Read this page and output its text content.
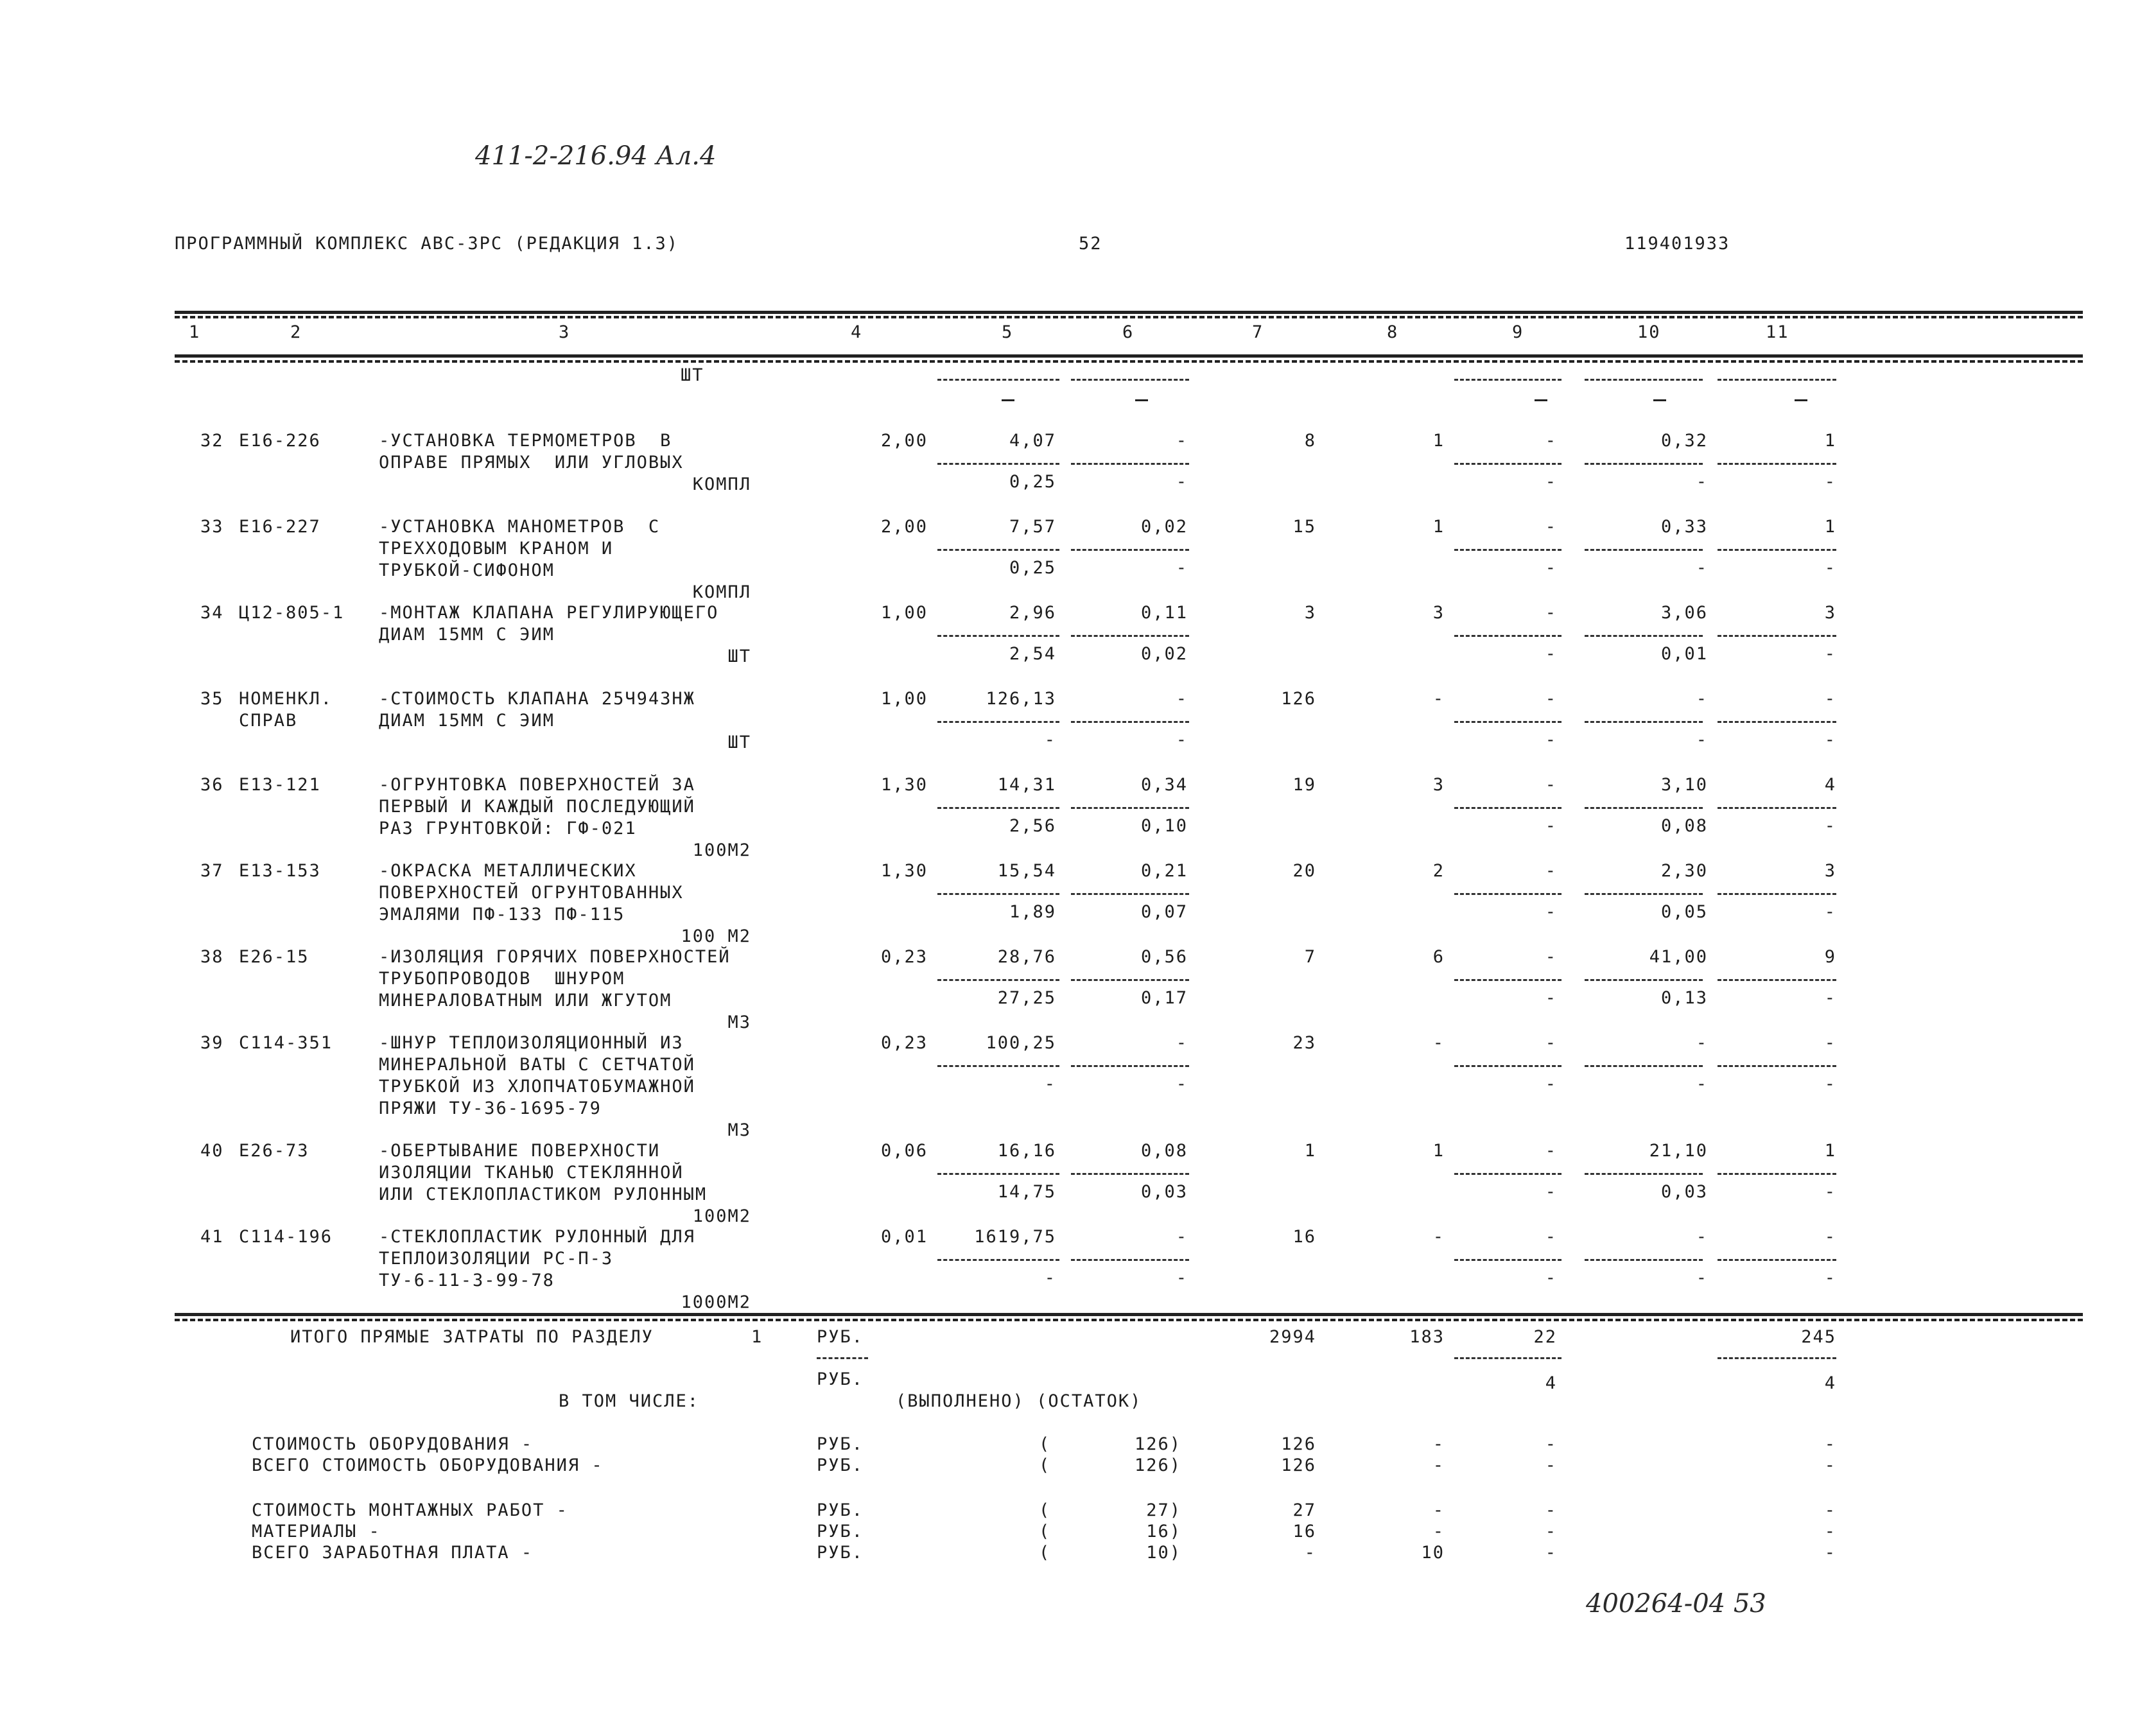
411-2-216.94 Ал.4
400264-04 53
ПРОГРАММНЫЙ КОМПЛЕКС АВС-3РС (РЕДАКЦИЯ 1.3)	52	119401933
1	2	3	4	5	6	7	8	9	10	11
ШТ
32 Е16-226	-УСТАНОВКА ТЕРМОМЕТРОВ  В
ОПРАВЕ ПРЯМЫХ  ИЛИ УГЛОВЫХ
КОМПЛ
2,00	4,07	-	8	1	-	0,32	1
0,25	-	-	-	-
33 Е16-227	-УСТАНОВКА МАНОМЕТРОВ  С
ТРЕХХОДОВЫМ КРАНОМ И
ТРУБКОЙ-СИФОНОМ
КОМПЛ
2,00	7,57	0,02	15	1	-	0,33	1
0,25	-	-	-	-
34 Ц12-805-1 -МОНТАЖ КЛАПАНА РЕГУЛИРУЮЩЕГО
ДИАМ 15ММ С ЭИМ
ШТ
1,00	2,96	0,11	3	3	-	3,06	3
2,54	0,02	-	0,01	-
35 НОМЕНКЛ.
СПРАВ
-СТОИМОСТЬ КЛАПАНА 25Ч943НЖ
ДИАМ 15ММ С ЭИМ
ШТ
1,00	126,13	-	126	-	-	-	-
-	-	-	-	-
36 Е13-121	-ОГРУНТОВКА ПОВЕРХНОСТЕЙ ЗА
ПЕРВЫЙ И КАЖДЫЙ ПОСЛЕДУЮЩИЙ
РАЗ ГРУНТОВКОЙ: ГФ-021
100М2
1,30	14,31	0,34	19	3	-	3,10	4
2,56	0,10	-	0,08	-
37 Е13-153	-ОКРАСКА МЕТАЛЛИЧЕСКИХ
ПОВЕРХНОСТЕЙ ОГРУНТОВАННЫХ
ЭМАЛЯМИ ПФ-133 ПФ-115
100 М2
1,30	15,54	0,21	20	2	-	2,30	3
1,89	0,07	-	0,05	-
38 Е26-15	-ИЗОЛЯЦИЯ ГОРЯЧИХ ПОВЕРХНОСТЕЙ
ТРУБОПРОВОДОВ  ШНУРОМ
МИНЕРАЛОВАТНЫМ ИЛИ ЖГУТОМ
М3
0,23	28,76	0,56	7	6	-	41,00	9
27,25	0,17	-	0,13	-
39 С114-351	-ШНУР ТЕПЛОИЗОЛЯЦИОННЫЙ ИЗ
МИНЕРАЛЬНОЙ ВАТЫ С СЕТЧАТОЙ
ТРУБКОЙ ИЗ ХЛОПЧАТОБУМАЖНОЙ
ПРЯЖИ ТУ-36-1695-79
М3
0,23	100,25	-	23	-	-	-	-
-	-	-	-	-
40 Е26-73	-ОБЕРТЫВАНИЕ ПОВЕРХНОСТИ
ИЗОЛЯЦИИ ТКАНЬЮ СТЕКЛЯННОЙ
ИЛИ СТЕКЛОПЛАСТИКОМ РУЛОННЫМ
100М2
0,06	16,16	0,08	1	1	-	21,10	1
14,75	0,03	-	0,03	-
41 С114-196	-СТЕКЛОПЛАСТИК РУЛОННЫЙ ДЛЯ
ТЕПЛОИЗОЛЯЦИИ РС-П-3
ТУ-6-11-3-99-78
1000М2
0,01	1619,75	-	16	-	-	-	-
-	-	-	-	-
ИТОГО ПРЯМЫЕ ЗАТРАТЫ ПО РАЗДЕЛУ	1	РУБ.	2994	183	22	245
РУБ.	4	4
В ТОМ ЧИСЛЕ:	(ВЫПОЛНЕНО) (ОСТАТОК)
СТОИМОСТЬ ОБОРУДОВАНИЯ -	РУБ.	(	126)	126	-	-	-
ВСЕГО СТОИМОСТЬ ОБОРУДОВАНИЯ -	РУБ.	(	126)	126	-	-	-
СТОИМОСТЬ МОНТАЖНЫХ РАБОТ -	РУБ.	(	27)	27	-	-	-
МАТЕРИАЛЫ -	РУБ.	(	16)	16	-	-	-
ВСЕГО ЗАРАБОТНАЯ ПЛАТА -	РУБ.	(	10)	-	10	-	-
